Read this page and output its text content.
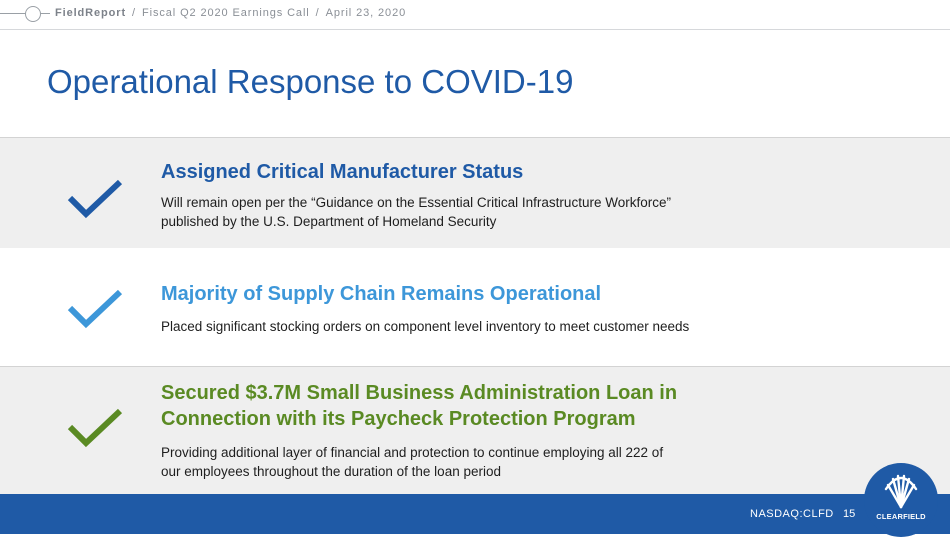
FieldReport / Fiscal Q2 2020 Earnings Call / April 23, 2020
Operational Response to COVID-19
Assigned Critical Manufacturer Status
Will remain open per the “Guidance on the Essential Critical Infrastructure Workforce”
published by the U.S. Department of Homeland Security
Majority of Supply Chain Remains Operational
Placed significant stocking orders on component level inventory to meet customer needs
Secured $3.7M Small Business Administration Loan in
Connection with its Paycheck Protection Program
Providing additional layer of financial and protection to continue employing all 222 of
our employees throughout the duration of the loan period
NASDAQ:CLFD 15	CLEARFIELD
